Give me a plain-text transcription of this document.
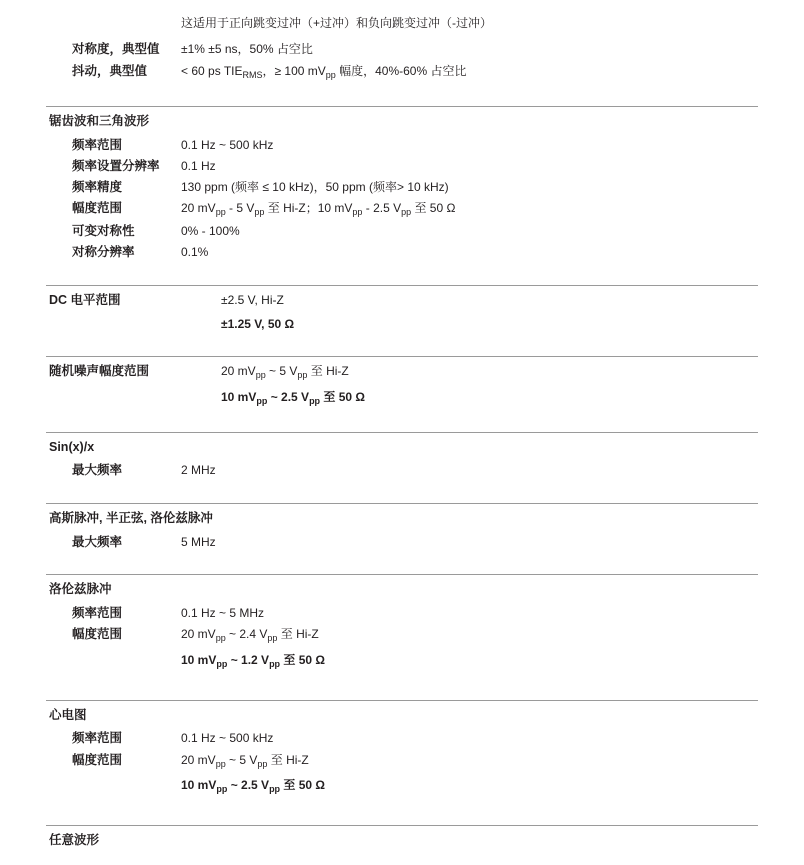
这适用于正向跳变过冲（+过冲）和负向跳变过冲（-过冲）
对称度，典型值 ±1% ±5 ns，50% 占空比
抖动，典型值	< 60 ps $TIE_{RMS}$，≥ 100 $mV_{pp}$ 幅度，40%-60% 占空比
锯齿波和三角波形
频率范围	0.1 Hz ~ 500 kHz
频率设置分辨率 0.1 Hz
频率精度	130 ppm (频率 ≤ 10 kHz)，50 ppm (频率> 10 kHz)
幅度范围	20 $mV_{pp} - 5$ $V_{pp}$ 至 Hi-Z；10 $mV_{pp} - 2.5$ $V_{pp}$ 至 50 Ω
可变对称性	0% - 100%
对称分辨率	0.1%
DC 电平范围	±2.5 V, Hi-Z
±1.25 V, 50 Ω
随机噪声幅度范围	20 $mV_{pp}$ ~ 5 $V_{pp}$ 至 Hi-Z
10 $mV_{pp}$ ~ 2.5 $V_{pp}$ 至 50 Ω
Sin(x)/x
最大频率	2 MHz
高斯脉冲, 半正弦, 洛伦兹脉冲
最大频率	5 MHz
洛伦兹脉冲
频率范围	0.1 Hz ~ 5 MHz
幅度范围	20 $mV_{pp}$ ~ 2.4 $V_{pp}$ 至 Hi-Z
10 $mV_{pp}$ ~ 1.2 $V_{pp}$ 至 50 Ω
心电图
频率范围	0.1 Hz ~ 500 kHz
幅度范围	20 $mV_{pp}$ ~ 5 $V_{pp}$ 至 Hi-Z
10 $mV_{pp}$ ~ 2.5 $V_{pp}$ 至 50 Ω
任意波形
